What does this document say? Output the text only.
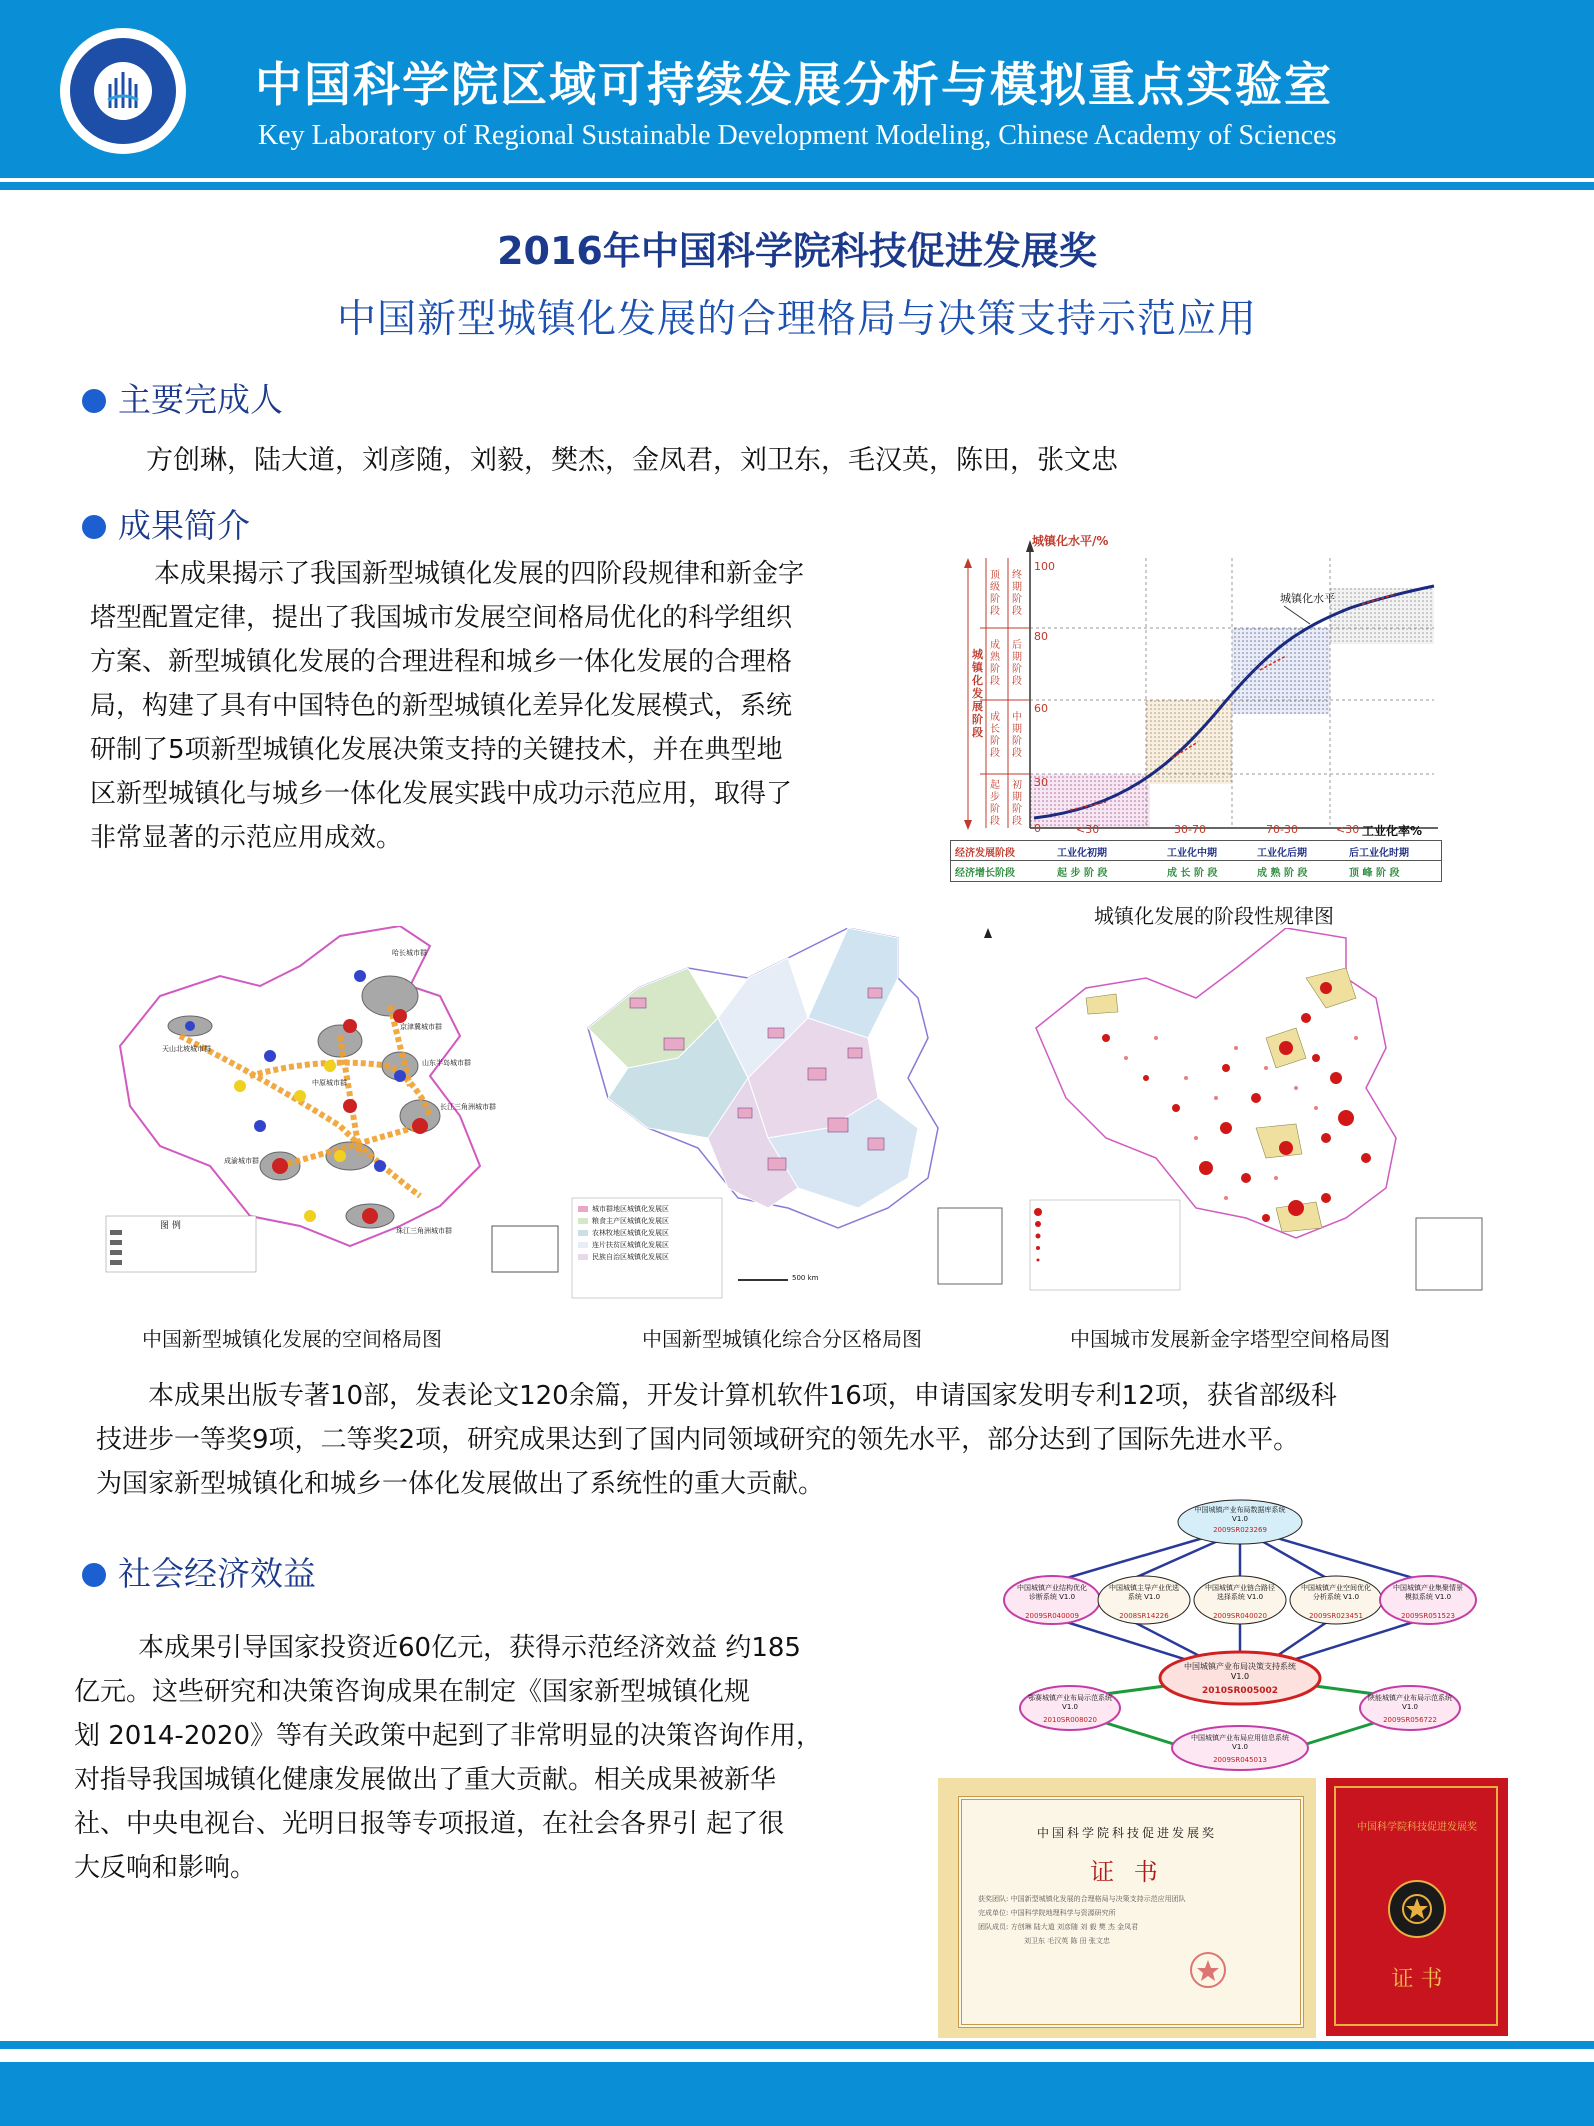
中国科学院区域可持续发展分析与模拟重点实验室
Key Laboratory of Regional Sustainable Development Modeling, Chinese Academy of Sciences
2016年中国科学院科技促进发展奖
中国新型城镇化发展的合理格局与决策支持示范应用
主要完成人
方创琳，陆大道，刘彦随，刘毅，樊杰，金凤君，刘卫东，毛汉英，陈田，张文忠
成果简介
本成果揭示了我国新型城镇化发展的四阶段规律和新金字
塔型配置定律，提出了我国城市发展空间格局优化的科学组织
方案、新型城镇化发展的合理进程和城乡一体化发展的合理格
局，构建了具有中国特色的新型城镇化差异化发展模式，系统
研制了5项新型城镇化发展决策支持的关键技术，并在典型地
区新型城镇化与城乡一体化发展实践中成功示范应用，取得了
非常显著的示范应用成效。
城镇化水平/%
工业化率%
城镇化水平
100
80
60
30
0	<30	30-70	70-30	<30
城镇化发展阶段
顶级阶段
成熟阶段
成长阶段
起步阶段
终期阶段
后期阶段
中期阶段
初期阶段
经济发展阶段
经济增长阶段
工业化初期	工业化中期	工业化后期	后工业化时期
起 步 阶 段	成 长 阶 段	成 熟 阶 段	顶 峰 阶 段
城镇化发展的阶段性规律图
图 例
哈长城市群
京津冀城市群
山东半岛城市群
中原城市群
长江三角洲城市群
珠江三角洲城市群
成渝城市群
天山北坡城市群
中国新型城镇化发展的空间格局图
城市群地区城镇化发展区
粮食主产区城镇化发展区
农林牧地区城镇化发展区
连片扶贫区城镇化发展区
民族自治区城镇化发展区
500 km
中国新型城镇化综合分区格局图	中国城市发展新金字塔型空间格局图
本成果出版专著10部，发表论文120余篇，开发计算机软件16项，申请国家发明专利12项，获省部级科
技进步一等奖9项，二等奖2项，研究成果达到了国内同领域研究的领先水平，部分达到了国际先进水平。
为国家新型城镇化和城乡一体化发展做出了系统性的重大贡献。
社会经济效益
本成果引导国家投资近60亿元，获得示范经济效益 约185
亿元。这些研究和决策咨询成果在制定《国家新型城镇化规
划 2014-2020》等有关政策中起到了非常明显的决策咨询作用，
对指导我国城镇化健康发展做出了重大贡献。相关成果被新华
社、中央电视台、光明日报等专项报道，在社会各界引 起了很
大反响和影响。
中国城镇产业布局数据库系统 V1.0
2009SR023269
中国城镇产业结构优化诊断系统 V1.0
2009SR040009
中国城镇主导产业优选系统 V1.0
2008SR14226
中国城镇产业链合路径选择系统 V1.0
2009SR040020
中国城镇产业空间优化分析系统 V1.0
2009SR023451
中国城镇产业集聚情景模拟系统 V1.0
2009SR051523
中国城镇产业布局决策支持系统 V1.0
2010SR005002
鄂赛城镇产业布局示范系统 V1.0
2010SR008020
陕能城镇产业布局示范系统 V1.0
2009SR056722
中国城镇产业布局应用信息系统 V1.0
2009SR045013
中国科学院科技促进发展奖
证 书
获奖团队: 中国新型城镇化发展的合理格局与决策支持示范应用团队
完成单位: 中国科学院地理科学与资源研究所
团队成员: 方创琳 陆大道 刘彦随 刘 毅 樊 杰 金凤君
刘卫东 毛汉英 陈 田 张文忠
中国科学院科技促进发展奖
证 书
